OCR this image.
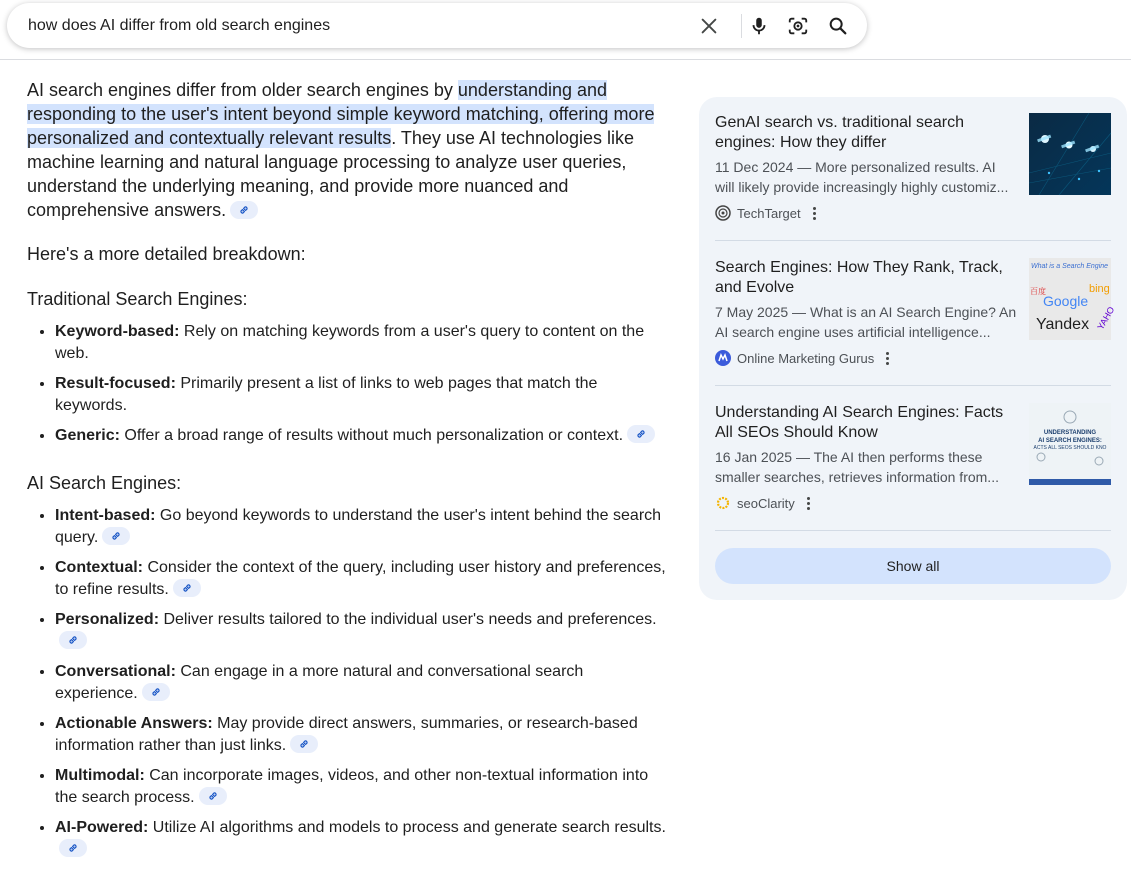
how does AI differ from old search engines

AI search engines differ from older search engines by understanding and responding to the user's intent beyond simple keyword matching, offering more personalized and contextually relevant results. They use AI technologies like machine learning and natural language processing to analyze user queries, understand the underlying meaning, and provide more nuanced and comprehensive answers.

Here's a more detailed breakdown:

Traditional Search Engines:

• Keyword-based: Rely on matching keywords from a user's query to content on the web.
• Result-focused: Primarily present a list of links to web pages that match the keywords.
• Generic: Offer a broad range of results without much personalization or context.

AI Search Engines:

• Intent-based: Go beyond keywords to understand the user's intent behind the search query.
• Contextual: Consider the context of the query, including user history and preferences, to refine results.
• Personalized: Deliver results tailored to the individual user's needs and preferences.
• Conversational: Can engage in a more natural and conversational search experience.
• Actionable Answers: May provide direct answers, summaries, or research-based information rather than just links.
• Multimodal: Can incorporate images, videos, and other non-textual information into the search process.
• AI-Powered: Utilize AI algorithms and models to process and generate search results.
GenAI search vs. traditional search engines: How they differ
11 Dec 2024 — More personalized results. AI will likely provide increasingly highly customiz...
TechTarget
Search Engines: How They Rank, Track, and Evolve
7 May 2025 — What is an AI Search Engine? An AI search engine uses artificial intelligence...
Online Marketing Gurus
What is a Search Engine
百度	bing
Google
Yandex YAHO
Understanding AI Search Engines: Facts All SEOs Should Know
16 Jan 2025 — The AI then performs these smaller searches, retrieves information from...
seoClarity
UNDERSTANDING
AI SEARCH ENGINES:
ACTS ALL SEOS SHOULD KNO
Show all
